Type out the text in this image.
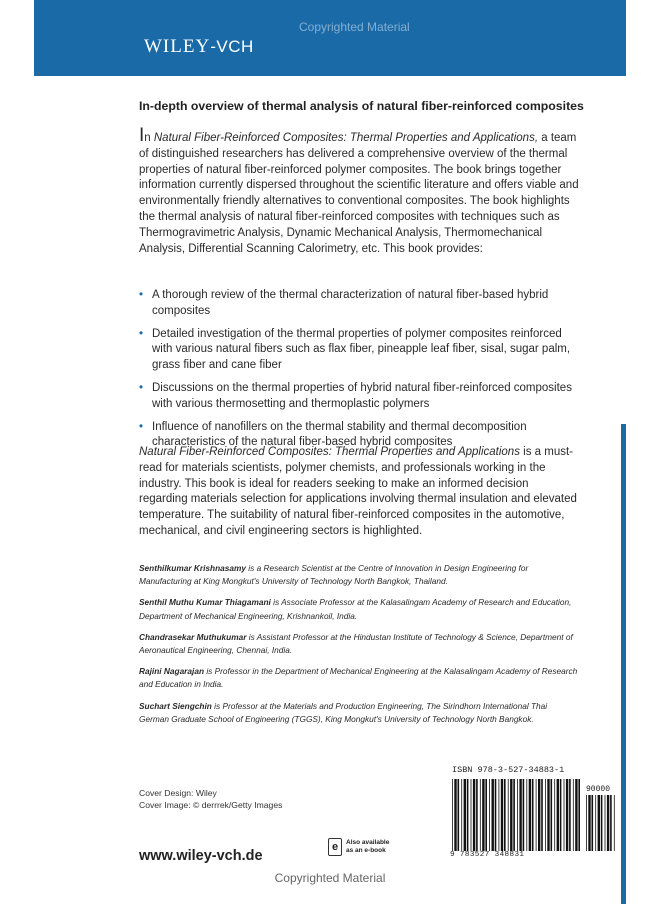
Copyrighted Material
WILEY-VCH
In-depth overview of thermal analysis of natural fiber-reinforced composites
In Natural Fiber-Reinforced Composites: Thermal Properties and Applications, a team of distinguished researchers has delivered a comprehensive overview of the thermal properties of natural fiber-reinforced polymer composites. The book brings together information currently dispersed throughout the scientific literature and offers viable and environmentally friendly alternatives to conventional composites. The book highlights the thermal analysis of natural fiber-reinforced composites with techniques such as Thermogravimetric Analysis, Dynamic Mechanical Analysis, Thermomechanical Analysis, Differential Scanning Calorimetry, etc. This book provides:
• A thorough review of the thermal characterization of natural fiber-based hybrid composites
• Detailed investigation of the thermal properties of polymer composites reinforced with various natural fibers such as flax fiber, pineapple leaf fiber, sisal, sugar palm, grass fiber and cane fiber
• Discussions on the thermal properties of hybrid natural fiber-reinforced composites with various thermosetting and thermoplastic polymers
• Influence of nanofillers on the thermal stability and thermal decomposition characteristics of the natural fiber-based hybrid composites
Natural Fiber-Reinforced Composites: Thermal Properties and Applications is a must-read for materials scientists, polymer chemists, and professionals working in the industry. This book is ideal for readers seeking to make an informed decision regarding materials selection for applications involving thermal insulation and elevated temperature. The suitability of natural fiber-reinforced composites in the automotive, mechanical, and civil engineering sectors is highlighted.
Senthilkumar Krishnasamy is a Research Scientist at the Centre of Innovation in Design Engineering for Manufacturing at King Mongkut's University of Technology North Bangkok, Thailand.
Senthil Muthu Kumar Thiagamani is Associate Professor at the Kalasalingam Academy of Research and Education, Department of Mechanical Engineering, Krishnankoil, India.
Chandrasekar Muthukumar is Assistant Professor at the Hindustan Institute of Technology & Science, Department of Aeronautical Engineering, Chennai, India.
Rajini Nagarajan is Professor in the Department of Mechanical Engineering at the Kalasalingam Academy of Research and Education in India.
Suchart Siengchin is Professor at the Materials and Production Engineering, The Sirindhorn International Thai German Graduate School of Engineering (TGGS), King Mongkut's University of Technology North Bangkok.
Cover Design: Wiley
Cover Image: © derrrek/Getty Images
www.wiley-vch.de
e	Also available
as an e-book
ISBN 978-3-527-34883-1
90000
9 783527 348831
Copyrighted Material
